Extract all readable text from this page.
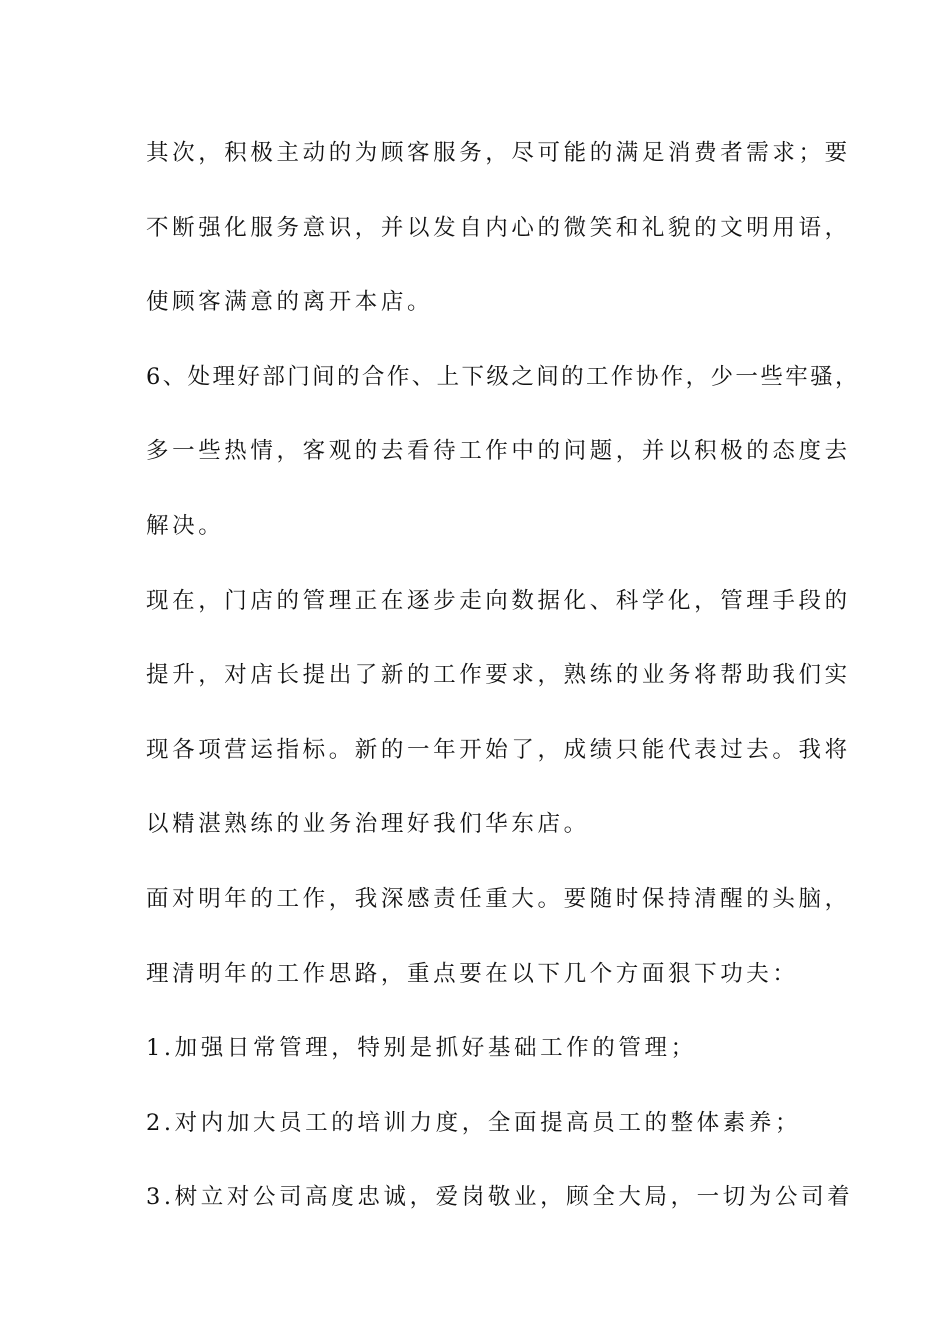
其次，积极主动的为顾客服务，尽可能的满足消费者需求；要
不断强化服务意识，并以发自内心的微笑和礼貌的文明用语，
使顾客满意的离开本店。
6、处理好部门间的合作、上下级之间的工作协作，少一些牢骚，
多一些热情，客观的去看待工作中的问题，并以积极的态度去
解决。
现在，门店的管理正在逐步走向数据化、科学化，管理手段的
提升，对店长提出了新的工作要求，熟练的业务将帮助我们实
现各项营运指标。新的一年开始了，成绩只能代表过去。我将
以精湛熟练的业务治理好我们华东店。
面对明年的工作，我深感责任重大。要随时保持清醒的头脑，
理清明年的工作思路，重点要在以下几个方面狠下功夫：
1.加强日常管理，特别是抓好基础工作的管理；
2.对内加大员工的培训力度，全面提高员工的整体素养；
3.树立对公司高度忠诚，爱岗敬业，顾全大局，一切为公司着
